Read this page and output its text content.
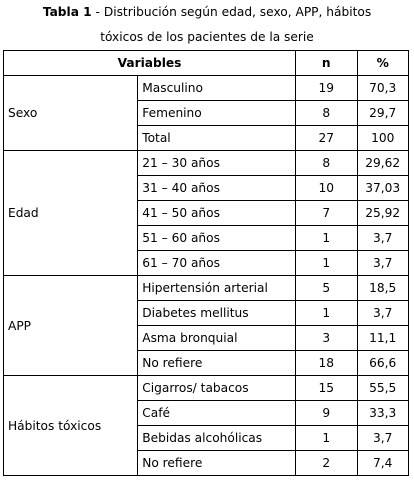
Tabla 1 - Distribución según edad, sexo, APP, hábitos
tóxicos de los pacientes de la serie
Variables		n	%
Sexo	Masculino	19	70,3
	Femenino	8	29,7
	Total	27	100
Edad	21 – 30 años	8	29,62
	31 – 40 años	10	37,03
	41 – 50 años	7	25,92
	51 – 60 años	1	3,7
	61 – 70 años	1	3,7
APP	Hipertensión arterial	5	18,5
	Diabetes mellitus	1	3,7
	Asma bronquial	3	11,1
	No refiere	18	66,6
Hábitos tóxicos	Cigarros/ tabacos	15	55,5
	Café	9	33,3
	Bebidas alcohólicas	1	3,7
	No refiere	2	7,4
